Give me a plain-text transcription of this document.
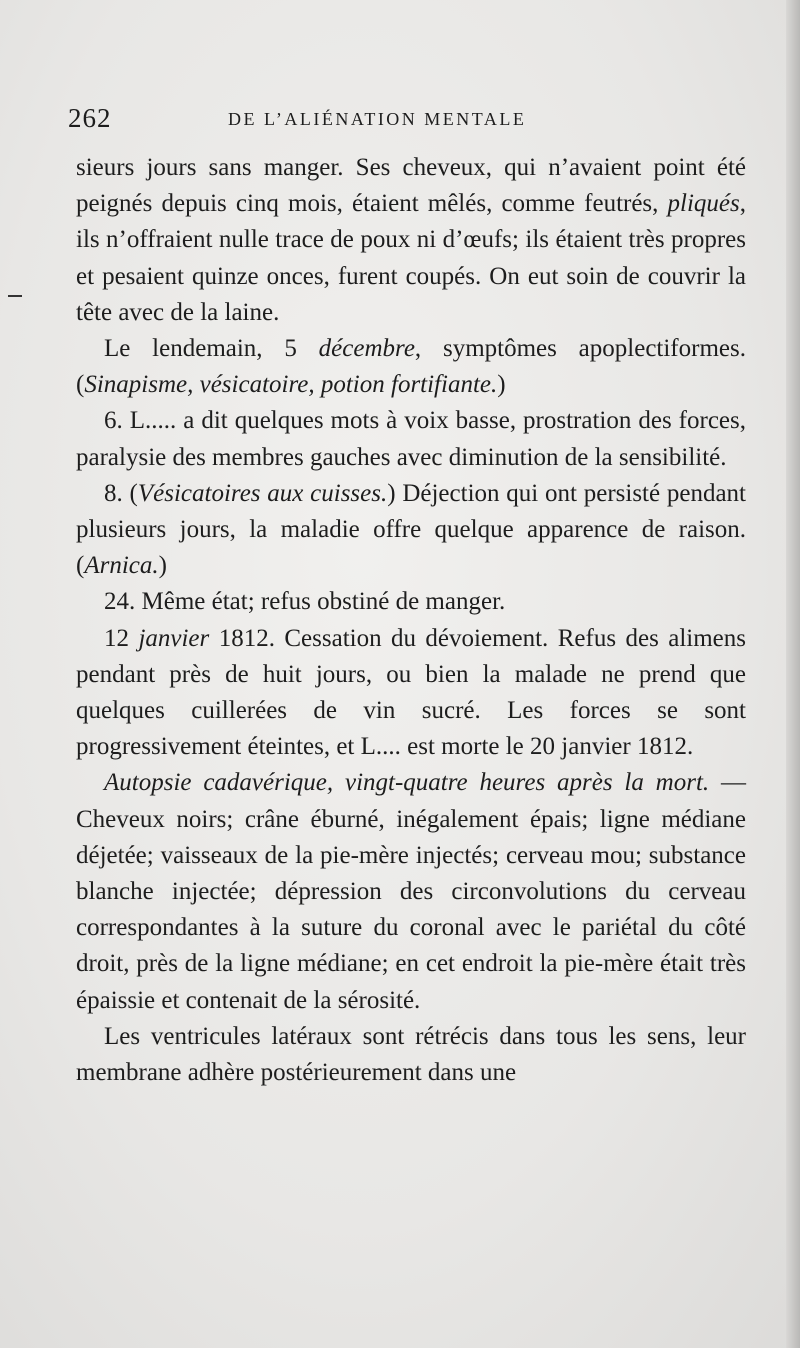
262	DE L’ALIÉNATION MENTALE

sieurs jours sans manger. Ses cheveux, qui n’avaient point été peignés depuis cinq mois, étaient mêlés, comme feutrés, pliqués, ils n’offraient nulle trace de poux ni d’œufs; ils étaient très propres et pesaient quinze onces, furent coupés. On eut soin de couvrir la tête avec de la laine.

Le lendemain, 5 décembre, symptômes apoplectiformes. (Sinapisme, vésicatoire, potion fortifiante.)

6. L..... a dit quelques mots à voix basse, prostration des forces, paralysie des membres gauches avec diminution de la sensibilité.

8. (Vésicatoires aux cuisses.) Déjection qui ont persisté pendant plusieurs jours, la maladie offre quelque apparence de raison. (Arnica.)

24. Même état; refus obstiné de manger.

12 janvier 1812. Cessation du dévoiement. Refus des alimens pendant près de huit jours, ou bien la malade ne prend que quelques cuillerées de vin sucré. Les forces se sont progressivement éteintes, et L.... est morte le 20 janvier 1812.

Autopsie cadavérique, vingt-quatre heures après la mort. — Cheveux noirs; crâne éburné, inégalement épais; ligne médiane déjetée; vaisseaux de la pie-mère injectés; cerveau mou; substance blanche injectée; dépression des circonvolutions du cerveau correspondantes à la suture du coronal avec le pariétal du côté droit, près de la ligne médiane; en cet endroit la pie-mère était très épaissie et contenait de la sérosité.

Les ventricules latéraux sont rétrécis dans tous les sens, leur membrane adhère postérieurement dans une
